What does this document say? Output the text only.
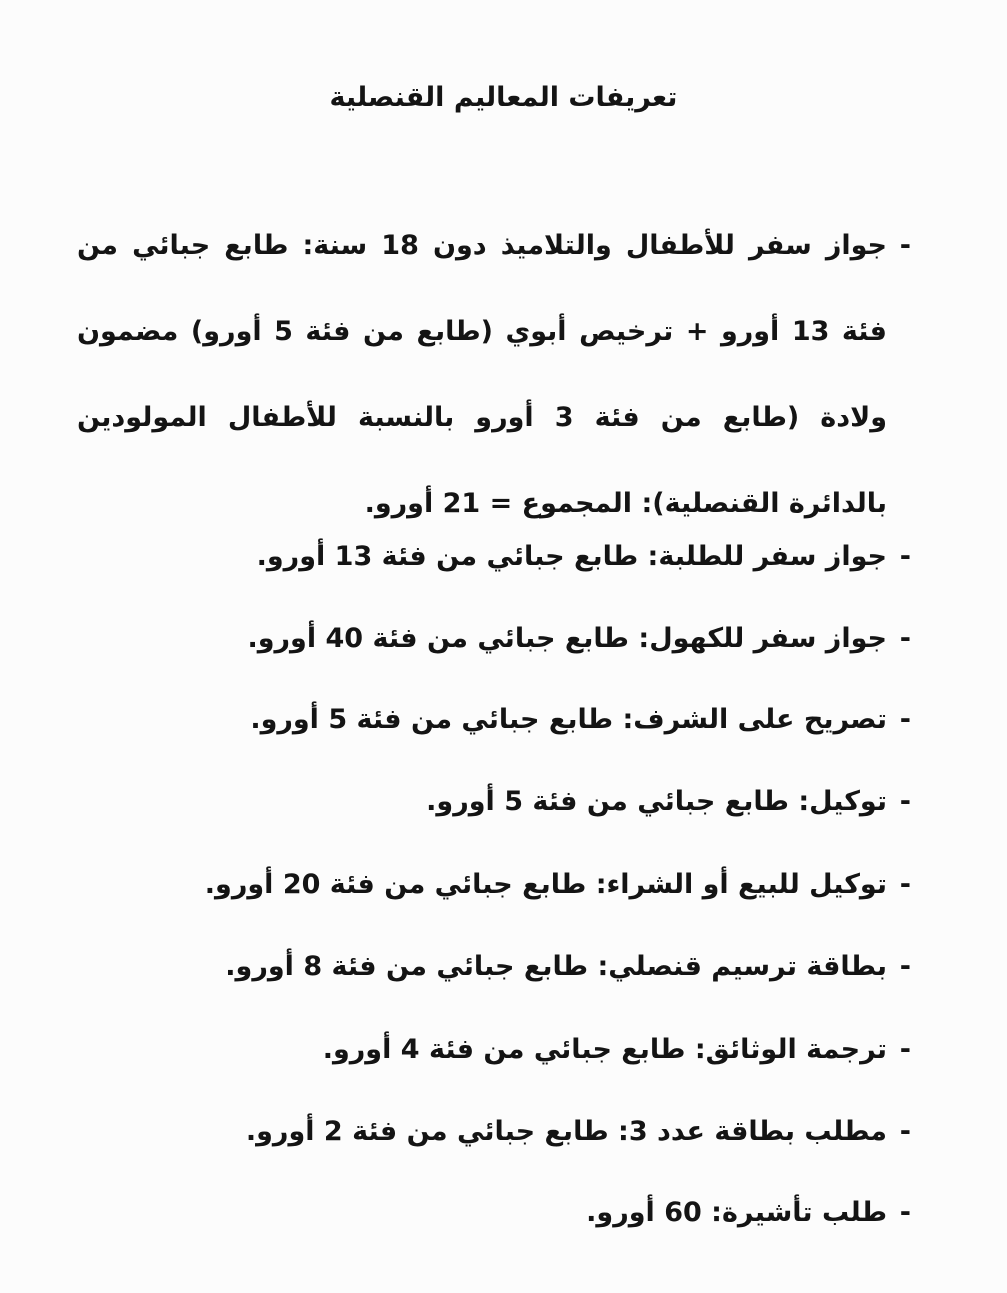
تعريفات المعاليم القنصلية
-
جواز سفر للأطفال والتلاميذ دون 18 سنة: طابع جبائي من فئة 13 أورو + ترخيص أبوي (طابع من فئة 5 أورو) مضمون ولادة (طابع من فئة 3 أورو بالنسبة للأطفال المولودين بالدائرة القنصلية): المجموع = 21 أورو.
-
جواز سفر للطلبة: طابع جبائي من فئة 13 أورو.
-
جواز سفر للكهول: طابع جبائي من فئة 40 أورو.
-
تصريح على الشرف: طابع جبائي من فئة 5 أورو.
-
توكيل: طابع جبائي من فئة 5 أورو.
-
توكيل للبيع أو الشراء: طابع جبائي من فئة 20 أورو.
-
بطاقة ترسيم قنصلي: طابع جبائي من فئة 8 أورو.
-
ترجمة الوثائق: طابع جبائي من فئة 4 أورو.
-
مطلب بطاقة عدد 3: طابع جبائي من فئة 2 أورو.
-
طلب تأشيرة: 60 أورو.
